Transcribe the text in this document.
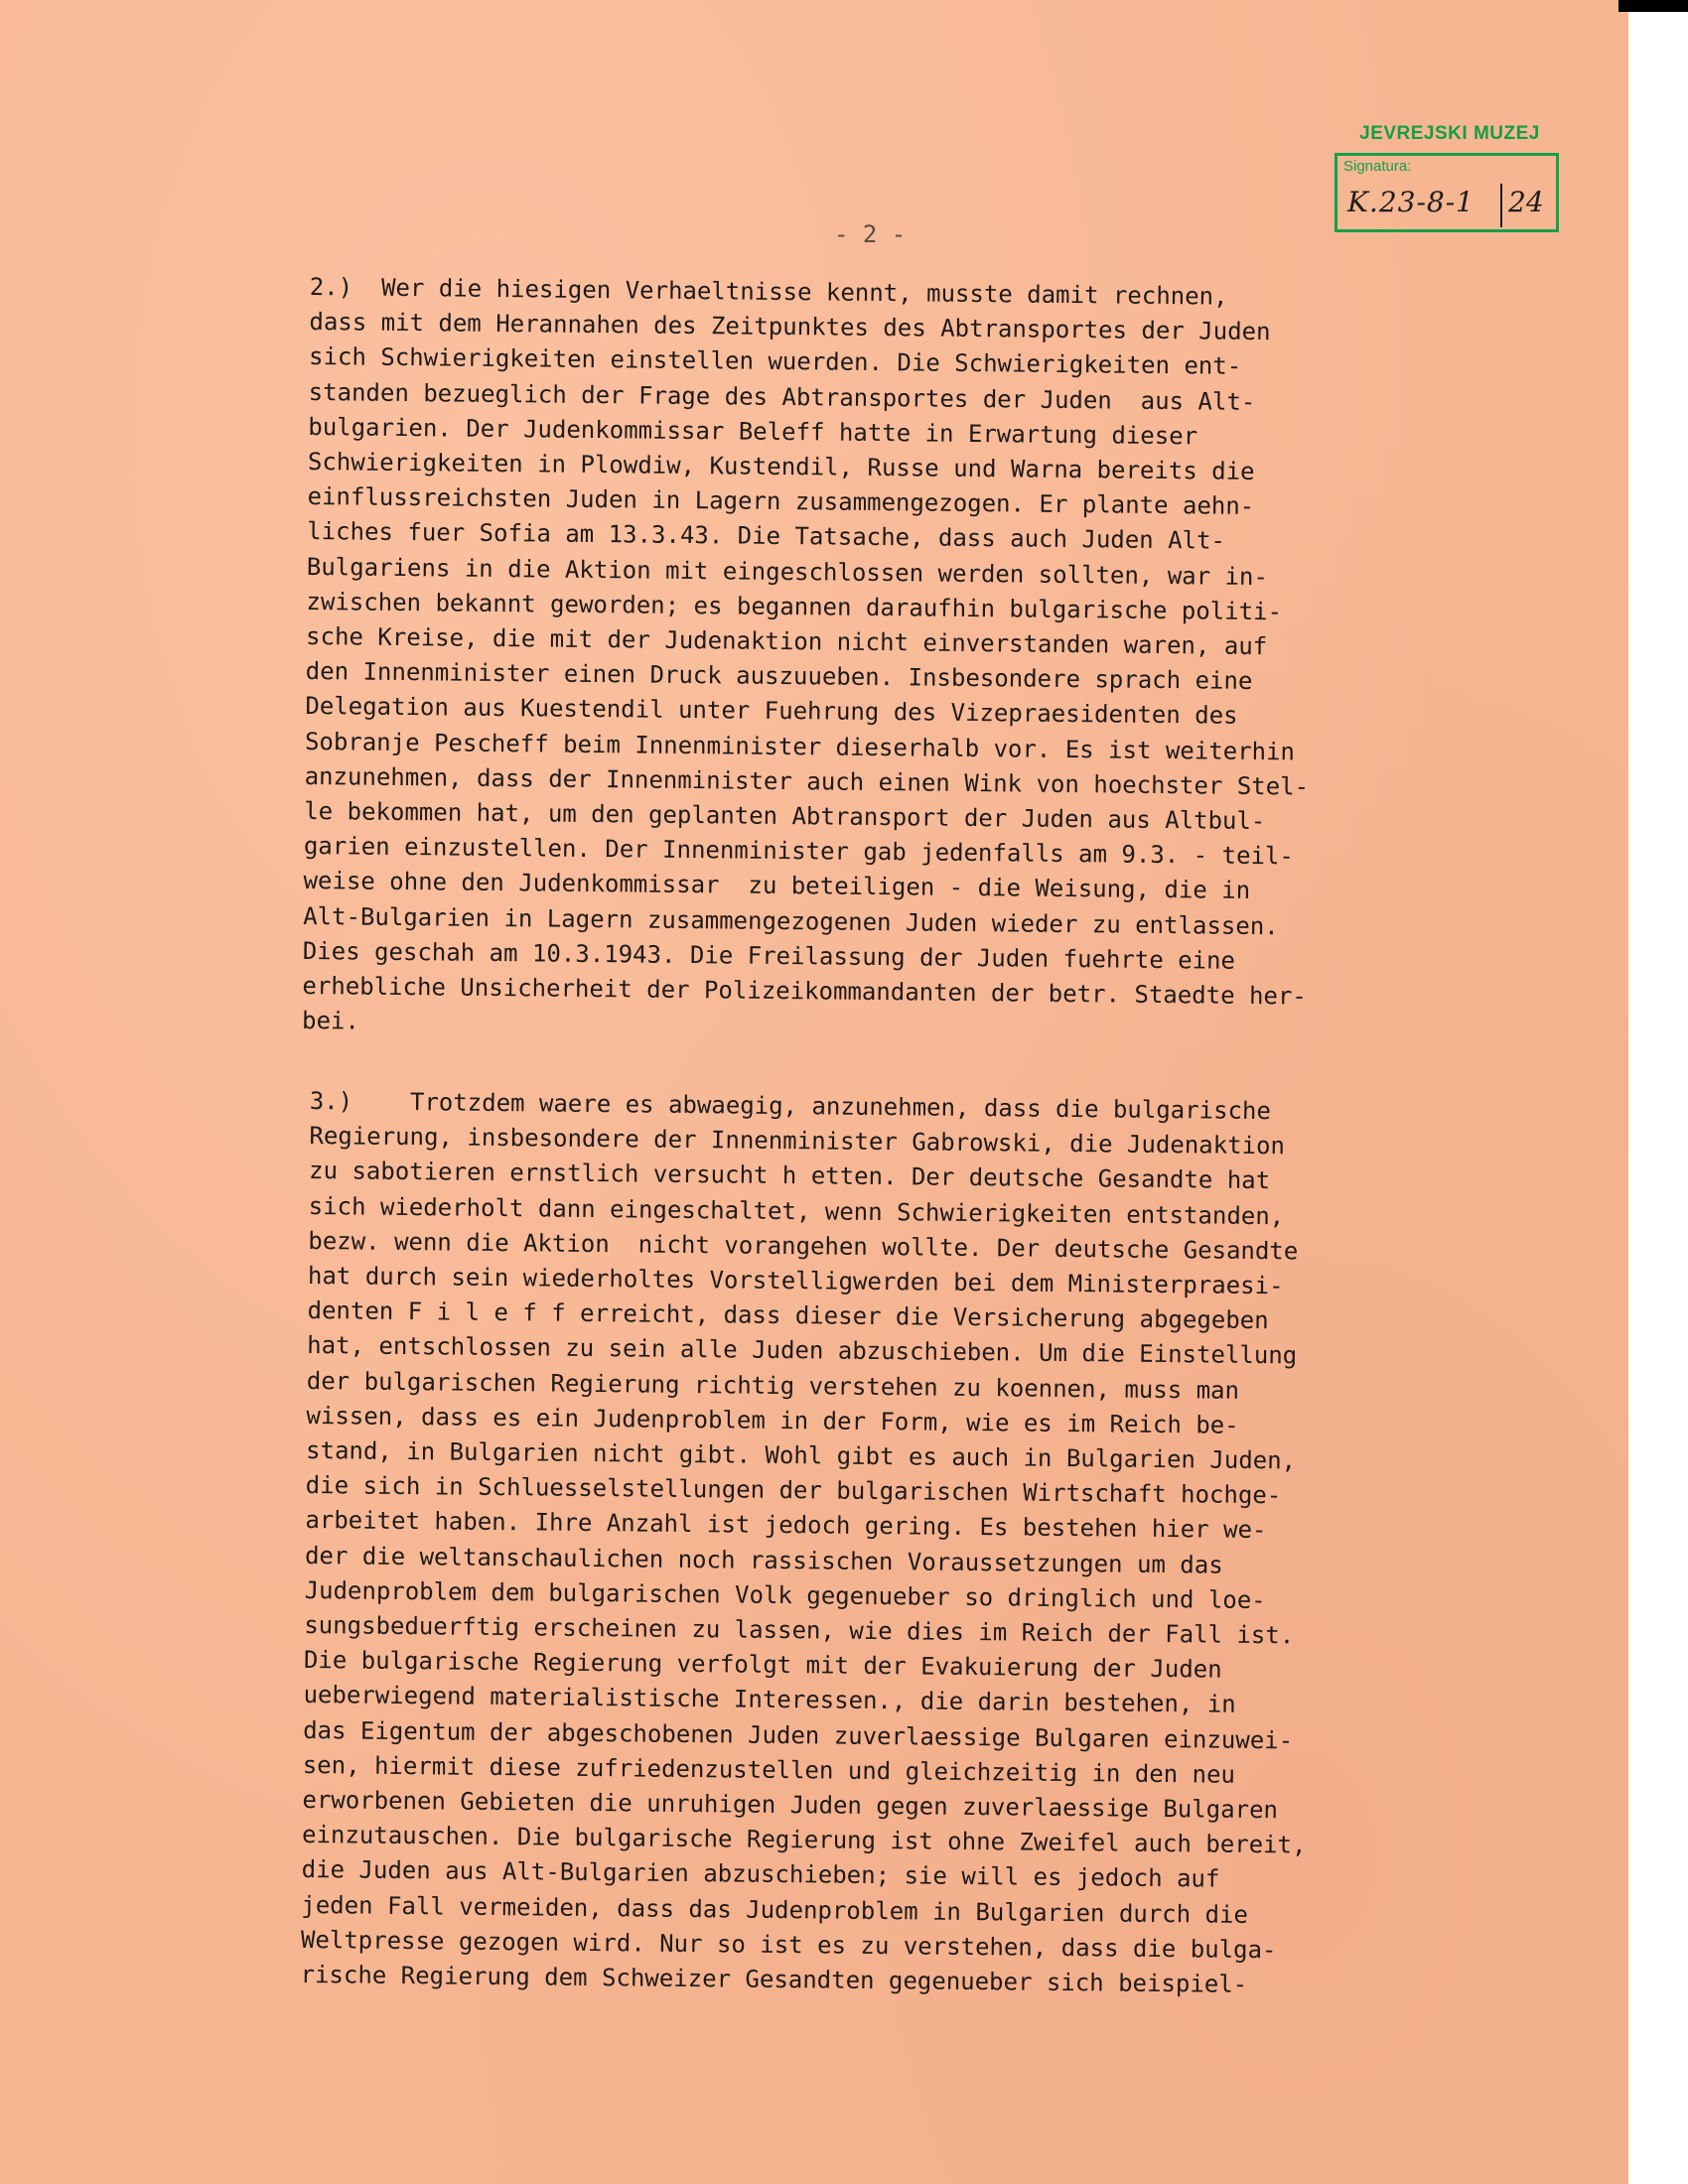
JEVREJSKI MUZEJ
Signatura:
K.23-8-1 24
- 2 -
2.)  Wer die hiesigen Verhaeltnisse kennt, musste damit rechnen,
dass mit dem Herannahen des Zeitpunktes des Abtransportes der Juden
sich Schwierigkeiten einstellen wuerden. Die Schwierigkeiten ent-
standen bezueglich der Frage des Abtransportes der Juden  aus Alt-
bulgarien. Der Judenkommissar Beleff hatte in Erwartung dieser
Schwierigkeiten in Plowdiw, Kustendil, Russe und Warna bereits die
einflussreichsten Juden in Lagern zusammengezogen. Er plante aehn-
liches fuer Sofia am 13.3.43. Die Tatsache, dass auch Juden Alt-
Bulgariens in die Aktion mit eingeschlossen werden sollten, war in-
zwischen bekannt geworden; es begannen daraufhin bulgarische politi-
sche Kreise, die mit der Judenaktion nicht einverstanden waren, auf
den Innenminister einen Druck auszuueben. Insbesondere sprach eine
Delegation aus Kuestendil unter Fuehrung des Vizepraesidenten des
Sobranje Pescheff beim Innenminister dieserhalb vor. Es ist weiterhin
anzunehmen, dass der Innenminister auch einen Wink von hoechster Stel-
le bekommen hat, um den geplanten Abtransport der Juden aus Altbul-
garien einzustellen. Der Innenminister gab jedenfalls am 9.3. - teil-
weise ohne den Judenkommissar  zu beteiligen - die Weisung, die in
Alt-Bulgarien in Lagern zusammengezogenen Juden wieder zu entlassen.
Dies geschah am 10.3.1943. Die Freilassung der Juden fuehrte eine
erhebliche Unsicherheit der Polizeikommandanten der betr. Staedte her-
bei.
3.)    Trotzdem waere es abwaegig, anzunehmen, dass die bulgarische
Regierung, insbesondere der Innenminister Gabrowski, die Judenaktion
zu sabotieren ernstlich versucht h etten. Der deutsche Gesandte hat
sich wiederholt dann eingeschaltet, wenn Schwierigkeiten entstanden,
bezw. wenn die Aktion  nicht vorangehen wollte. Der deutsche Gesandte
hat durch sein wiederholtes Vorstelligwerden bei dem Ministerpraesi-
denten F i l e f f erreicht, dass dieser die Versicherung abgegeben
hat, entschlossen zu sein alle Juden abzuschieben. Um die Einstellung
der bulgarischen Regierung richtig verstehen zu koennen, muss man
wissen, dass es ein Judenproblem in der Form, wie es im Reich be-
stand, in Bulgarien nicht gibt. Wohl gibt es auch in Bulgarien Juden,
die sich in Schluesselstellungen der bulgarischen Wirtschaft hochge-
arbeitet haben. Ihre Anzahl ist jedoch gering. Es bestehen hier we-
der die weltanschaulichen noch rassischen Voraussetzungen um das
Judenproblem dem bulgarischen Volk gegenueber so dringlich und loe-
sungsbeduerftig erscheinen zu lassen, wie dies im Reich der Fall ist.
Die bulgarische Regierung verfolgt mit der Evakuierung der Juden
ueberwiegend materialistische Interessen., die darin bestehen, in
das Eigentum der abgeschobenen Juden zuverlaessige Bulgaren einzuwei-
sen, hiermit diese zufriedenzustellen und gleichzeitig in den neu
erworbenen Gebieten die unruhigen Juden gegen zuverlaessige Bulgaren
einzutauschen. Die bulgarische Regierung ist ohne Zweifel auch bereit,
die Juden aus Alt-Bulgarien abzuschieben; sie will es jedoch auf
jeden Fall vermeiden, dass das Judenproblem in Bulgarien durch die
Weltpresse gezogen wird. Nur so ist es zu verstehen, dass die bulga-
rische Regierung dem Schweizer Gesandten gegenueber sich beispiel-
